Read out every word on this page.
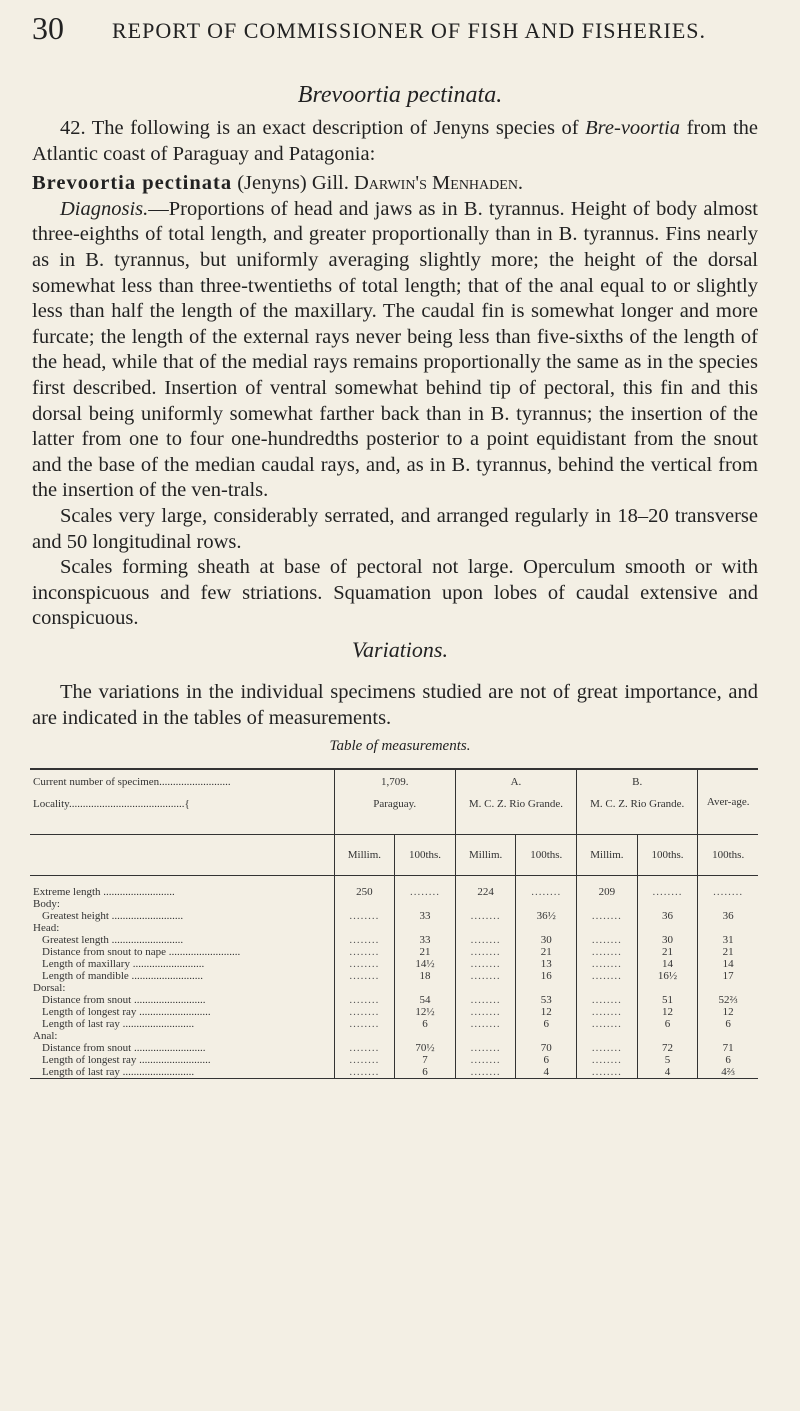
30 REPORT OF COMMISSIONER OF FISH AND FISHERIES.
Brevoortia pectinata.

42. The following is an exact description of Jenyns species of Bre-voortia from the Atlantic coast of Paraguay and Patagonia:

Brevoortia pectinata (Jenyns) Gill. Darwin's Menhaden.

Diagnosis.—Proportions of head and jaws as in B. tyrannus. Height of body almost three-eighths of total length, and greater proportionally than in B. tyrannus. Fins nearly as in B. tyrannus, but uniformly averaging slightly more; the height of the dorsal somewhat less than three-twentieths of total length; that of the anal equal to or slightly less than half the length of the maxillary. The caudal fin is somewhat longer and more furcate; the length of the external rays never being less than five-sixths of the length of the head, while that of the medial rays remains proportionally the same as in the species first described. Insertion of ventral somewhat behind tip of pectoral, this fin and this dorsal being uniformly somewhat farther back than in B. tyrannus; the insertion of the latter from one to four one-hundredths posterior to a point equidistant from the snout and the base of the median caudal rays, and, as in B. tyrannus, behind the vertical from the insertion of the ven-trals.

Scales very large, considerably serrated, and arranged regularly in 18–20 transverse and 50 longitudinal rows.

Scales forming sheath at base of pectoral not large. Operculum smooth or with inconspicuous and few striations. Squamation upon lobes of caudal extensive and conspicuous.

Variations.

The variations in the individual specimens studied are not of great importance, and are indicated in the tables of measurements.

Table of measurements.
Current number of specimen..........................	1,709.		A.		B.		Aver-age.
Locality..........................................{	Paraguay.		M. C. Z. Rio Grande.		M. C. Z. Rio Grande.		
	Millim.	100ths.	Millim.	100ths.	Millim.	100ths.	100ths.

Extreme length ..........................	250	........	224	........	209	........	........
Body:							
Greatest height ..........................	........	33	........	36½	........	36	36
Head:							
Greatest length ..........................	........	33	........	30	........	30	31
Distance from snout to nape ..........................	........	21	........	21	........	21	21
Length of maxillary ..........................	........	14½	........	13	........	14	14
Length of mandible ..........................	........	18	........	16	........	16½	17
Dorsal:							
Distance from snout ..........................	........	54	........	53	........	51	52⅔
Length of longest ray ..........................	........	12½	........	12	........	12	12
Length of last ray ..........................	........	6	........	6	........	6	6
Anal:							
Distance from snout ..........................	........	70½	........	70	........	72	71
Length of longest ray ..........................	........	7	........	6	........	5	6
Length of last ray ..........................	........	6	........	4	........	4	4⅔
